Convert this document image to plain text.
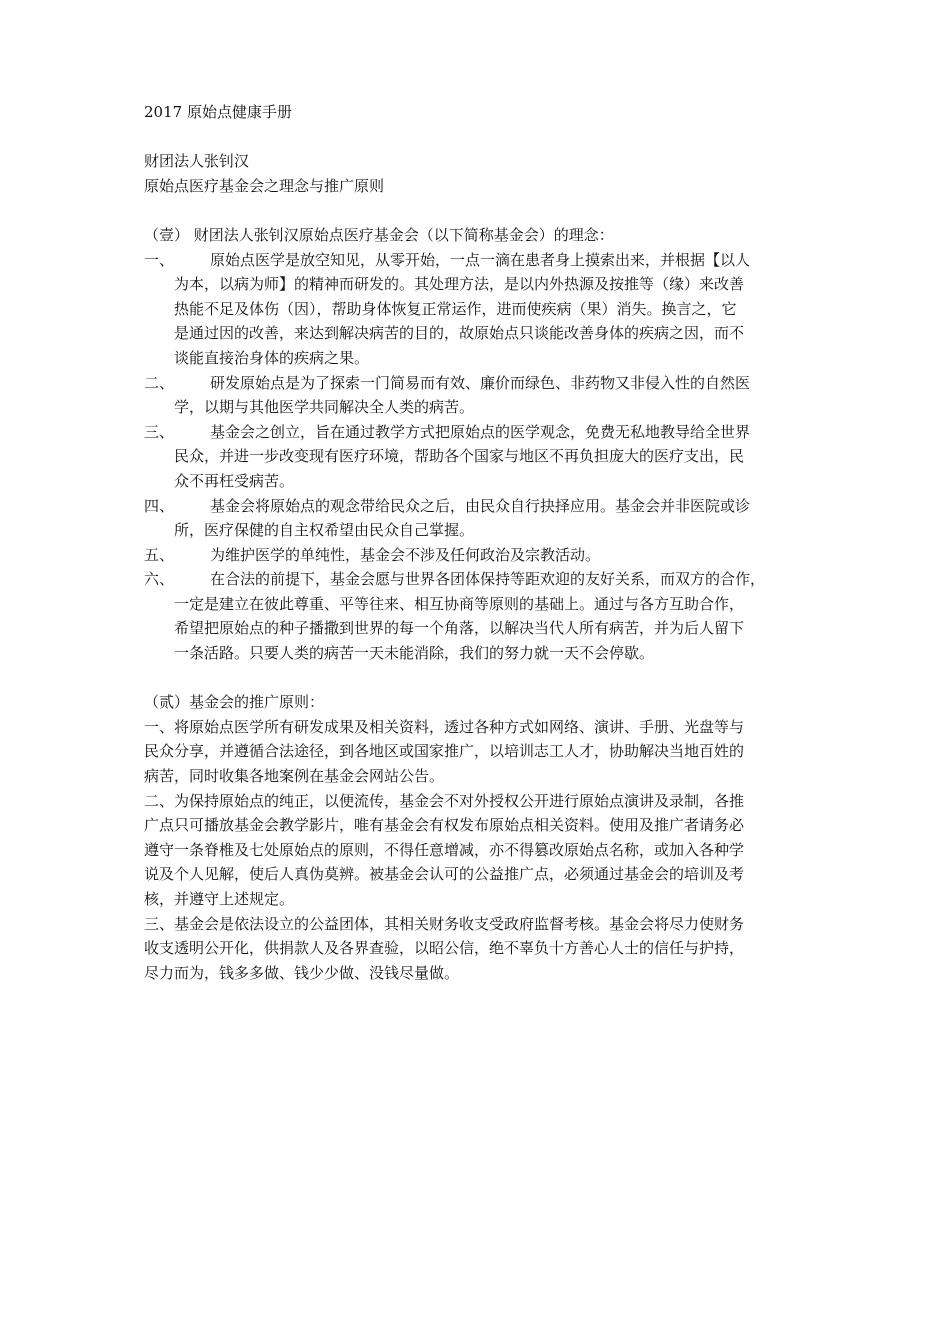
2017 原始点健康手册
财团法人张钊汉
原始点医疗基金会之理念与推广原则
（壹） 财团法人张钊汉原始点医疗基金会（以下简称基金会）的理念：
一、	原始点医学是放空知见，从零开始，一点一滴在患者身上摸索出来，并根据【以人
为本，以病为师】的精神而研发的。其处理方法，是以内外热源及按推等（缘）来改善
热能不足及体伤（因），帮助身体恢复正常运作，进而使疾病（果）消失。换言之，它
是通过因的改善，来达到解决病苦的目的，故原始点只谈能改善身体的疾病之因，而不
谈能直接治身体的疾病之果。
二、	研发原始点是为了探索一门简易而有效、廉价而绿色、非药物又非侵入性的自然医
学，以期与其他医学共同解决全人类的病苦。
三、	基金会之创立，旨在通过教学方式把原始点的医学观念，免费无私地教导给全世界
民众，并进一步改变现有医疗环境，帮助各个国家与地区不再负担庞大的医疗支出，民
众不再枉受病苦。
四、	基金会将原始点的观念带给民众之后，由民众自行抉择应用。基金会并非医院或诊
所，医疗保健的自主权希望由民众自己掌握。
五、	为维护医学的单纯性，基金会不涉及任何政治及宗教活动。
六、	在合法的前提下，基金会愿与世界各团体保持等距欢迎的友好关系，而双方的合作，
一定是建立在彼此尊重、平等往来、相互协商等原则的基础上。通过与各方互助合作，
希望把原始点的种子播撒到世界的每一个角落，以解决当代人所有病苦，并为后人留下
一条活路。只要人类的病苦一天未能消除，我们的努力就一天不会停歇。
（贰）基金会的推广原则：
一、将原始点医学所有研发成果及相关资料，透过各种方式如网络、演讲、手册、光盘等与
民众分享，并遵循合法途径，到各地区或国家推广，以培训志工人才，协助解决当地百姓的
病苦，同时收集各地案例在基金会网站公告。
二、为保持原始点的纯正，以便流传，基金会不对外授权公开进行原始点演讲及录制，各推
广点只可播放基金会教学影片，唯有基金会有权发布原始点相关资料。使用及推广者请务必
遵守一条脊椎及七处原始点的原则，不得任意增减，亦不得篡改原始点名称，或加入各种学
说及个人见解，使后人真伪莫辨。被基金会认可的公益推广点，必须通过基金会的培训及考
核，并遵守上述规定。
三、基金会是依法设立的公益团体，其相关财务收支受政府监督考核。基金会将尽力使财务
收支透明公开化，供捐款人及各界查验，以昭公信，绝不辜负十方善心人士的信任与护持，
尽力而为，钱多多做、钱少少做、没钱尽量做。
